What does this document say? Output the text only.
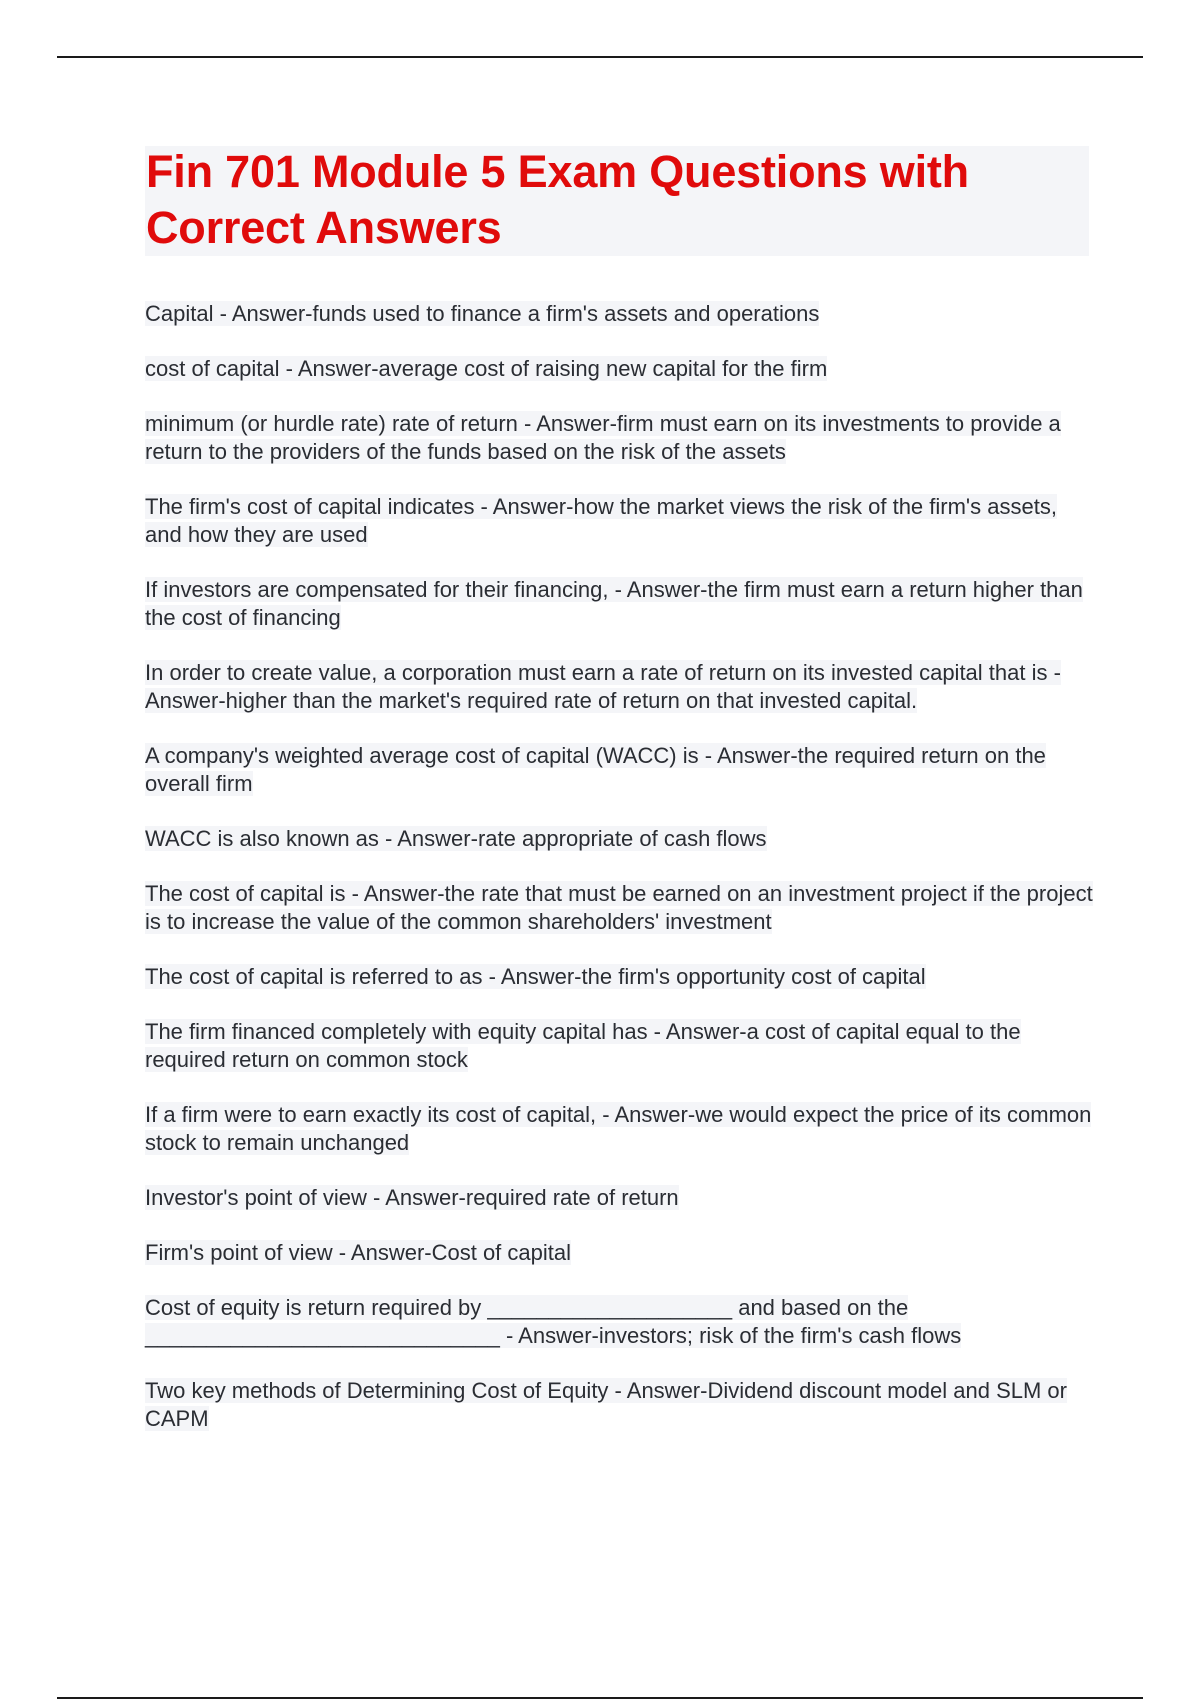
Fin 701 Module 5 Exam Questions with Correct Answers
Capital - Answer-funds used to finance a firm's assets and operations
cost of capital - Answer-average cost of raising new capital for the firm
minimum (or hurdle rate) rate of return - Answer-firm must earn on its investments to provide a return to the providers of the funds based on the risk of the assets
The firm's cost of capital indicates - Answer-how the market views the risk of the firm's assets, and how they are used
If investors are compensated for their financing, - Answer-the firm must earn a return higher than the cost of financing
In order to create value, a corporation must earn a rate of return on its invested capital that is - Answer-higher than the market's required rate of return on that invested capital.
A company's weighted average cost of capital (WACC) is - Answer-the required return on the overall firm
WACC is also known as - Answer-rate appropriate of cash flows
The cost of capital is - Answer-the rate that must be earned on an investment project if the project is to increase the value of the common shareholders' investment
The cost of capital is referred to as - Answer-the firm's opportunity cost of capital
The firm financed completely with equity capital has - Answer-a cost of capital equal to the required return on common stock
If a firm were to earn exactly its cost of capital, - Answer-we would expect the price of its common stock to remain unchanged
Investor's point of view - Answer-required rate of return
Firm's point of view - Answer-Cost of capital
Cost of equity is return required by ____________________ and based on the _____________________________ - Answer-investors; risk of the firm's cash flows
Two key methods of Determining Cost of Equity - Answer-Dividend discount model and SLM or CAPM
